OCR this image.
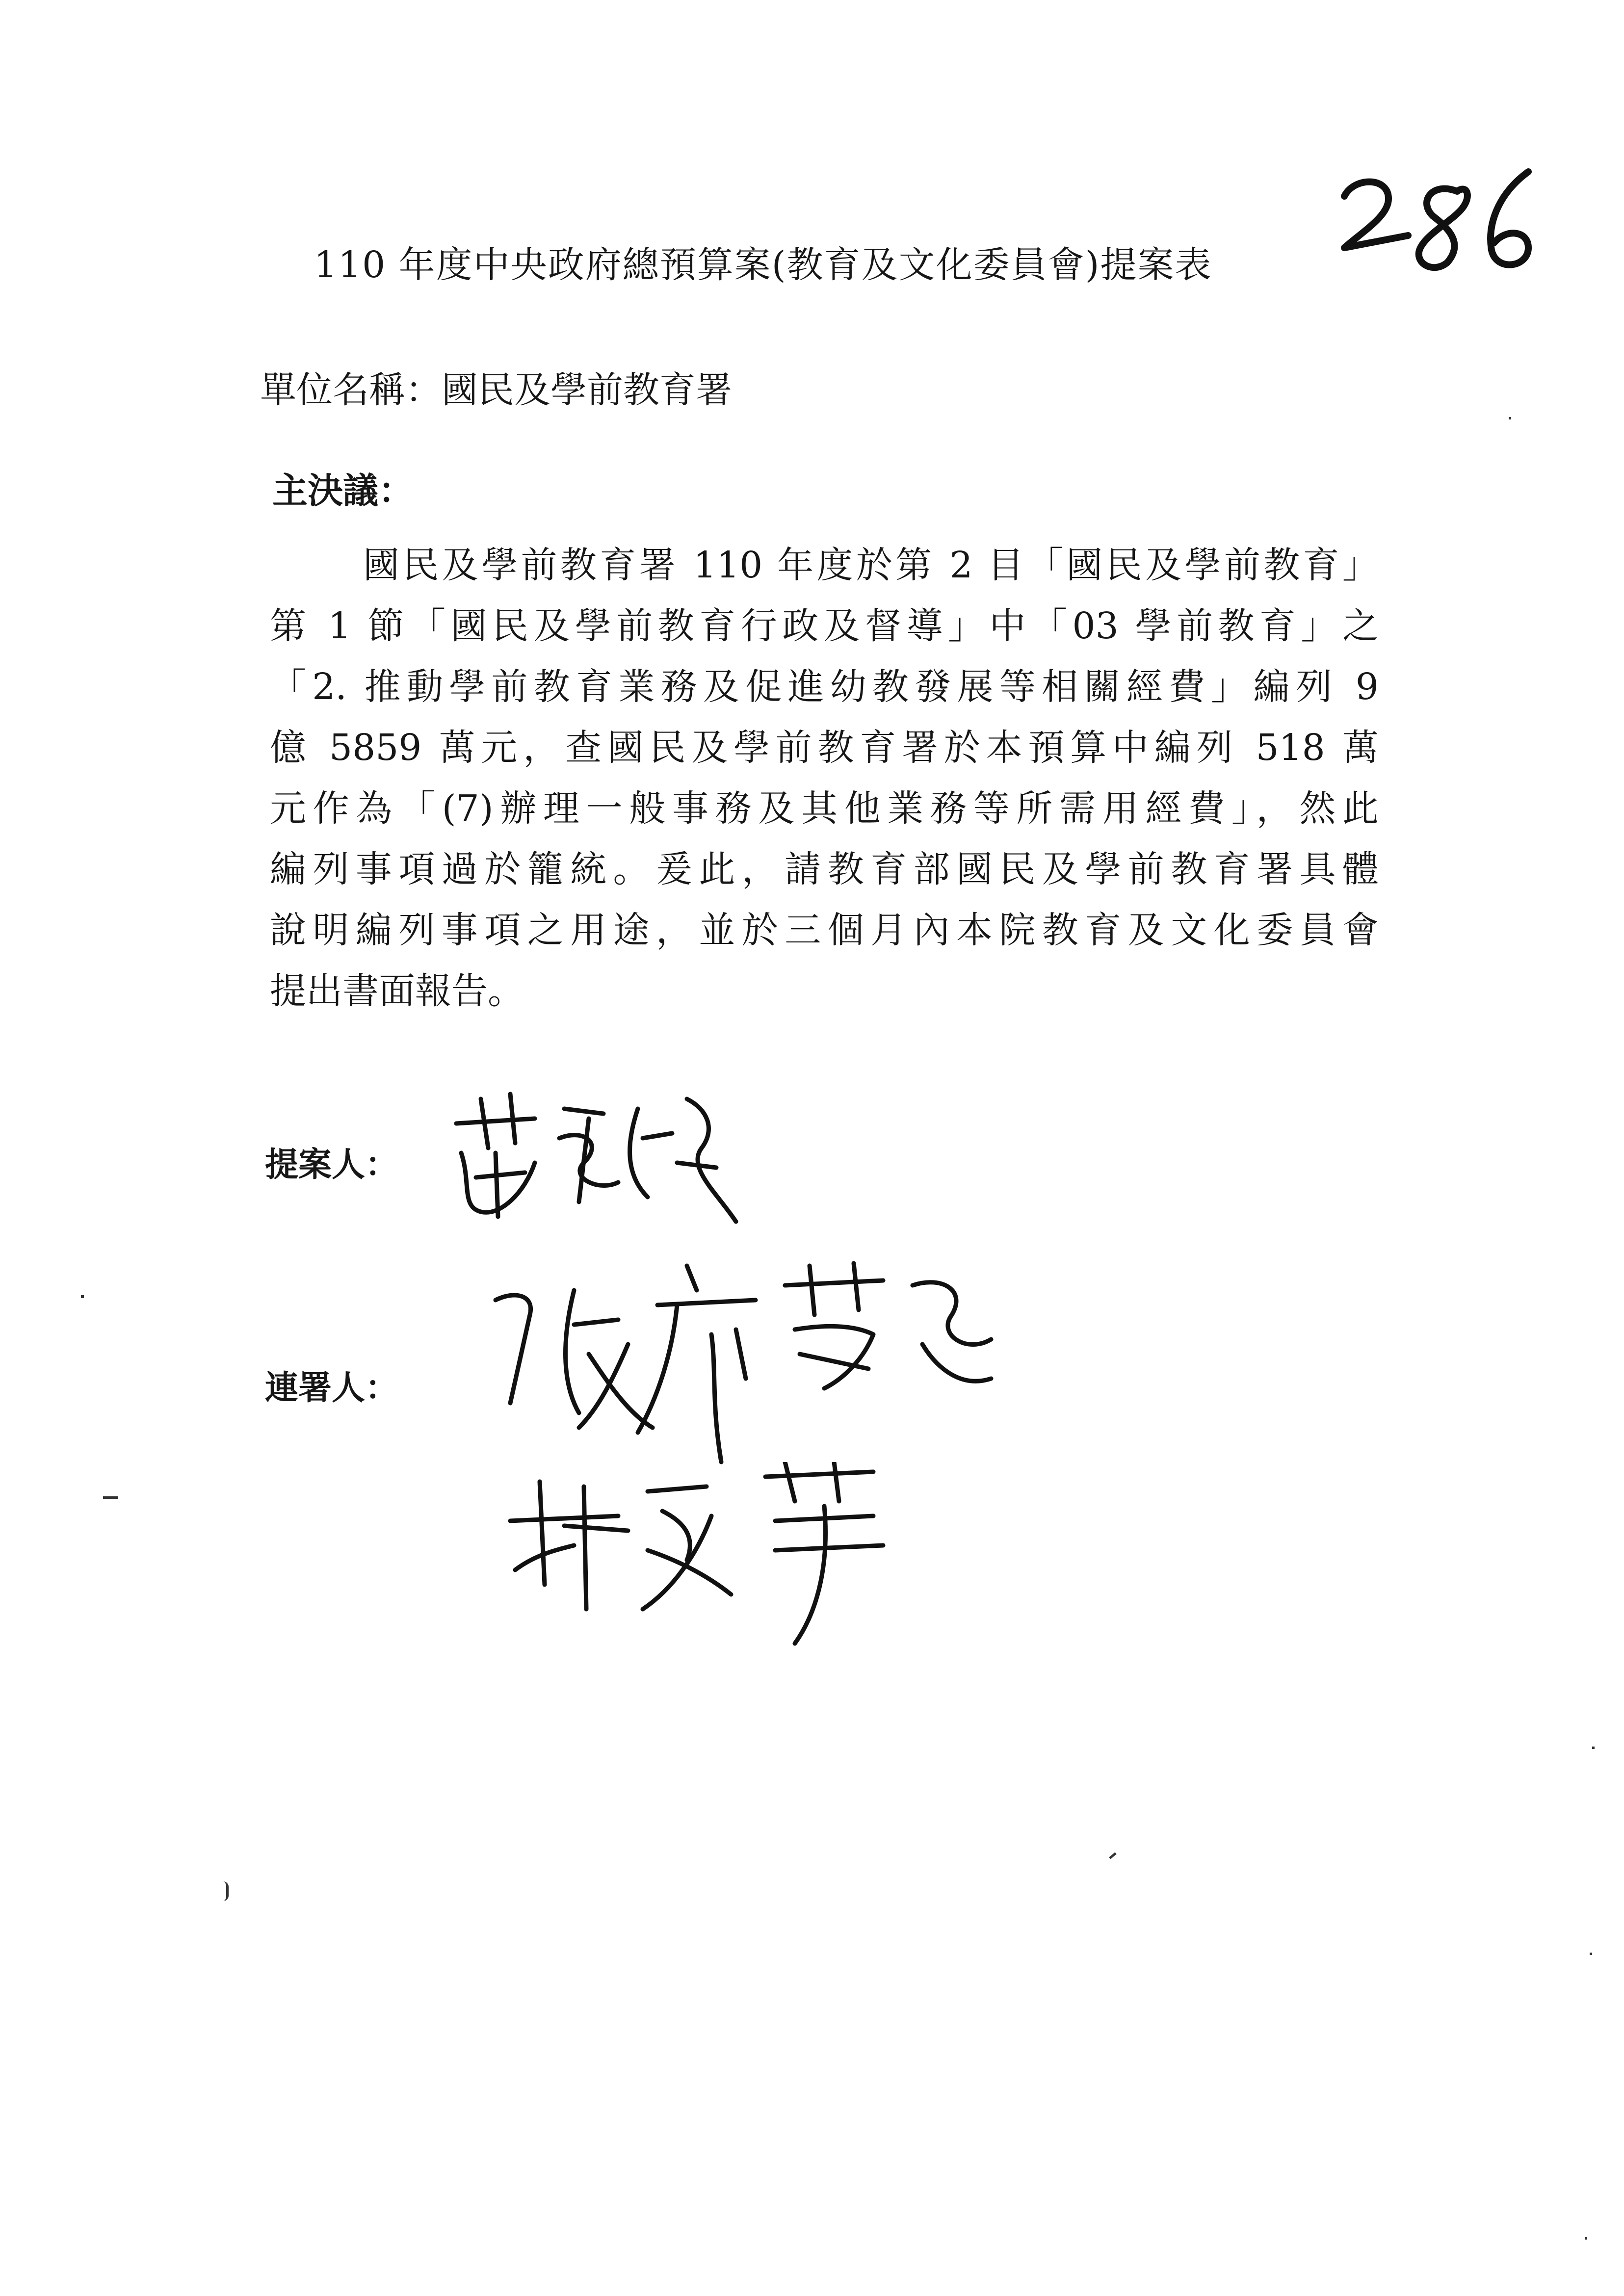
110 年度中央政府總預算案(教育及文化委員會)提案表
單位名稱：國民及學前教育署
主決議：
國民及學前教育署 110 年度於第 2 目「國民及學前教育」
第 1 節「國民及學前教育行政及督導」中「03 學前教育」之
「2. 推動學前教育業務及促進幼教發展等相關經費」編列 9
億 5859 萬元，查國民及學前教育署於本預算中編列 518 萬
元作為「(7)辦理一般事務及其他業務等所需用經費」，然此
編列事項過於籠統。爰此，請教育部國民及學前教育署具體
說明編列事項之用途，並於三個月內本院教育及文化委員會
提出書面報告。
提案人：
連署人：
